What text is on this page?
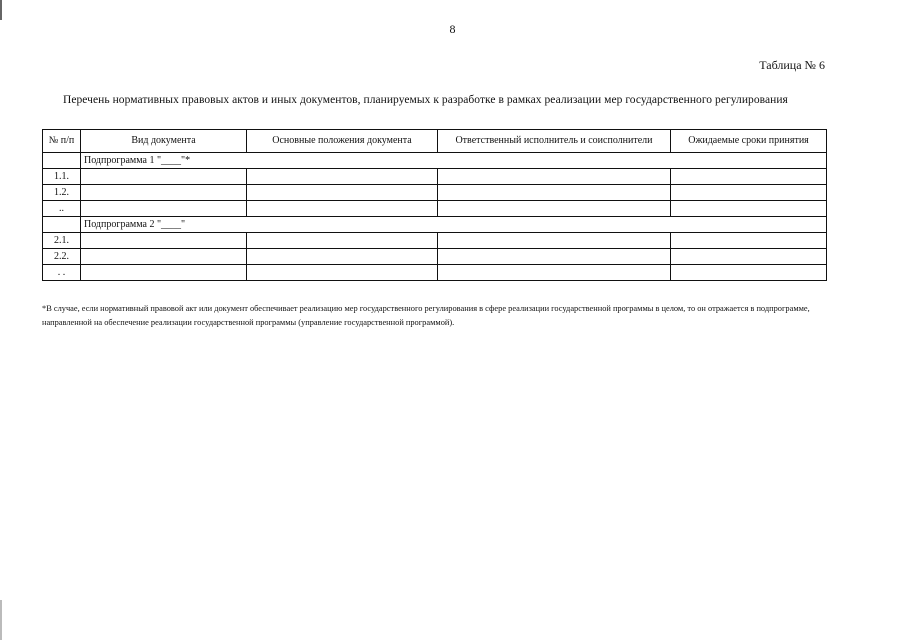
8
Таблица № 6
Перечень нормативных правовых актов и иных документов, планируемых к разработке в рамках реализации мер государственного регулирования
№ п/п	Вид документа	Основные положения документа	Ответственный исполнитель и соисполнители	Ожидаемые сроки принятия
	Подпрограмма 1 "____"*			
1.1.				
1.2.				
..				
	Подпрограмма 2 "____"			
2.1.				
2.2.				
. .				
*В случае, если нормативный правовой акт или документ обеспечивает реализацию мер государственного регулирования в сфере реализации государственной программы в целом, то он отражается в подпрограмме, направленной на обеспечение реализации государственной программы (управление государственной программой).
